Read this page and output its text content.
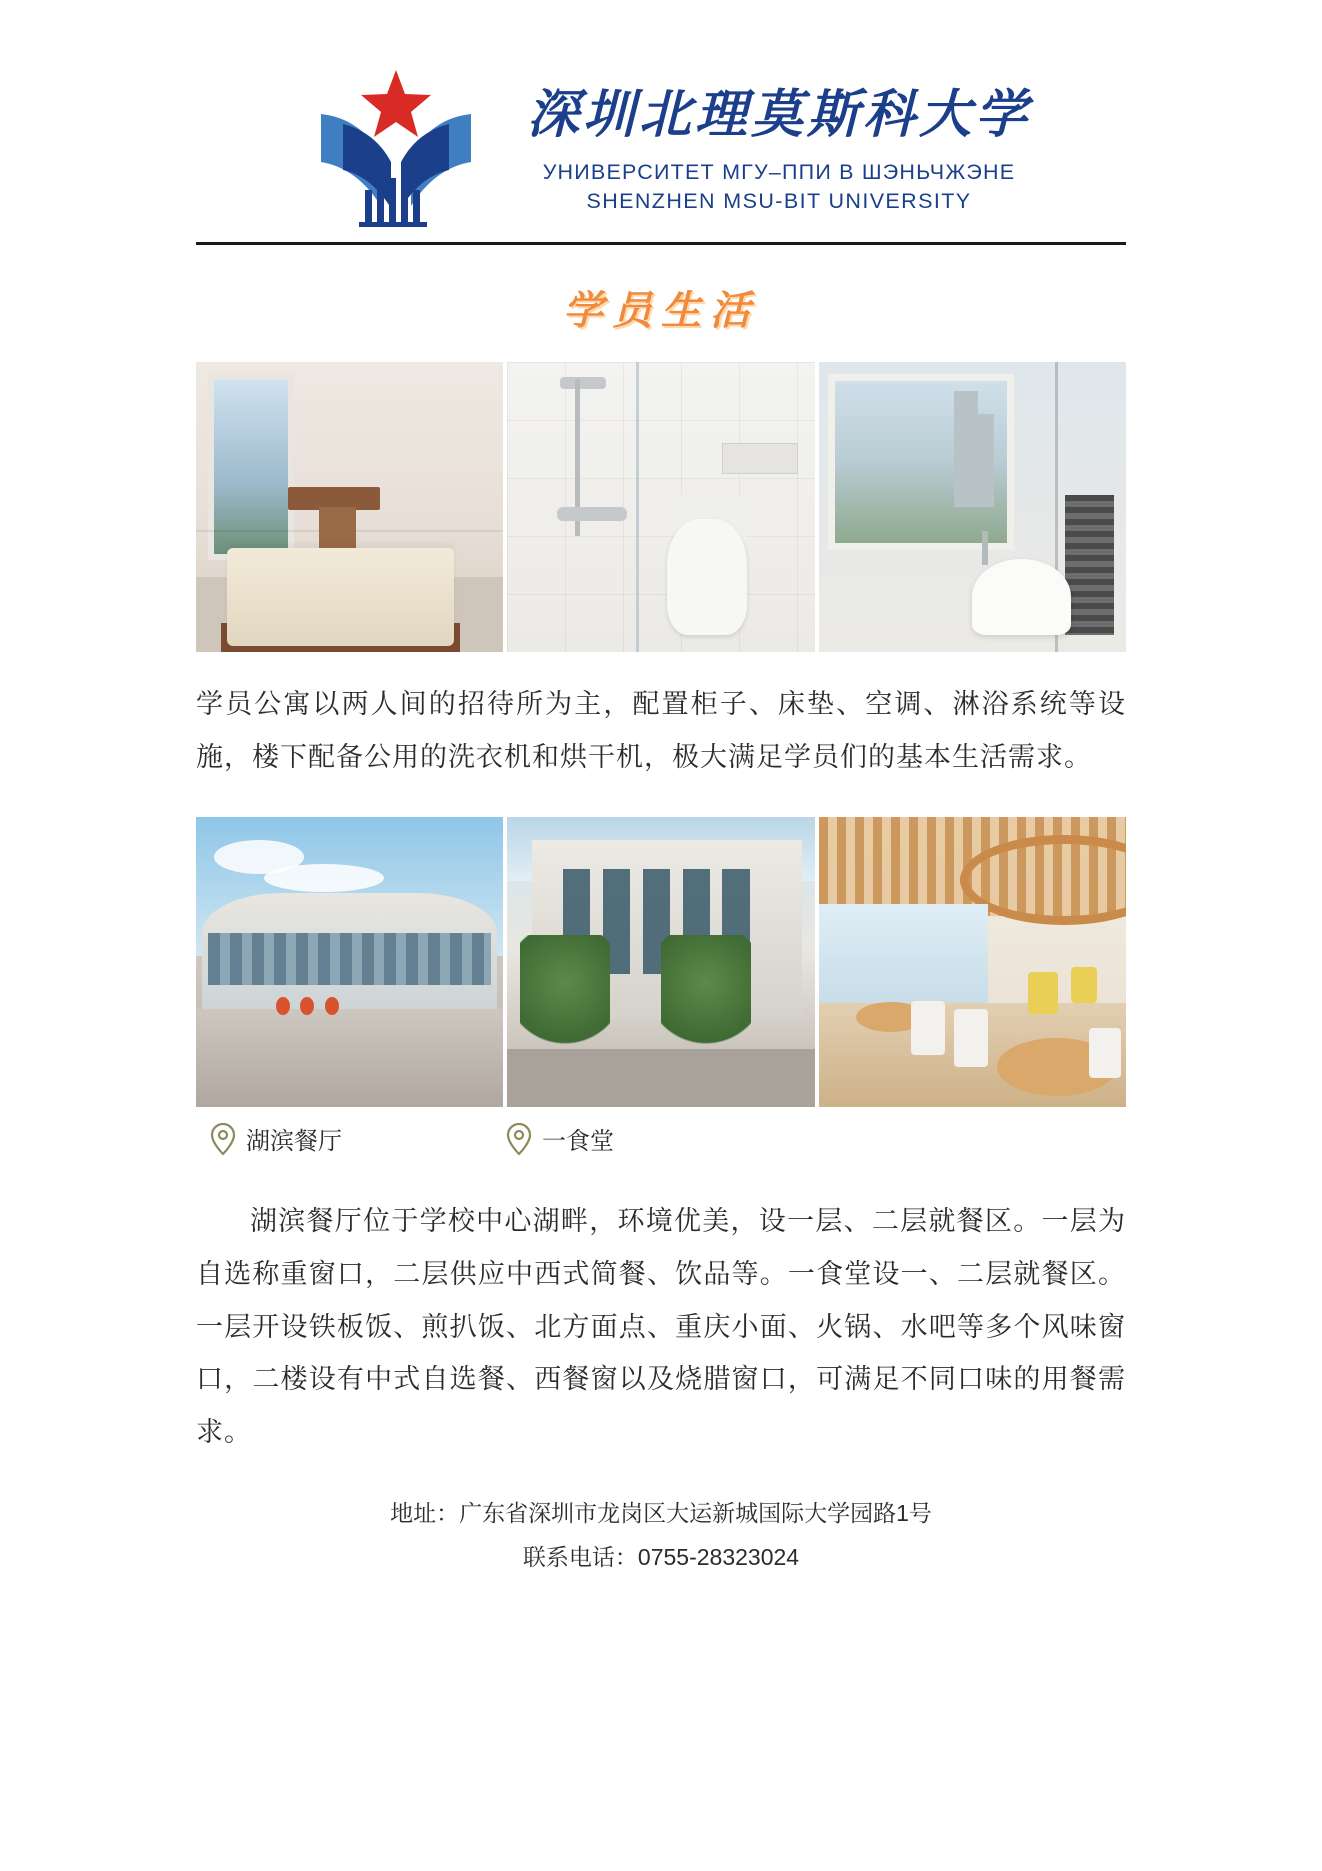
深圳北理莫斯科大学
УНИВЕРСИТЕТ МГУ–ППИ В ШЭНЬЧЖЭНЕ
SHENZHEN MSU-BIT UNIVERSITY
学员生活
学员公寓以两人间的招待所为主，配置柜子、床垫、空调、淋浴系统等设施，楼下配备公用的洗衣机和烘干机，极大满足学员们的基本生活需求。
湖滨餐厅	一食堂
湖滨餐厅位于学校中心湖畔，环境优美，设一层、二层就餐区。一层为自选称重窗口，二层供应中西式简餐、饮品等。一食堂设一、二层就餐区。一层开设铁板饭、煎扒饭、北方面点、重庆小面、火锅、水吧等多个风味窗口，二楼设有中式自选餐、西餐窗以及烧腊窗口，可满足不同口味的用餐需求。
地址：广东省深圳市龙岗区大运新城国际大学园路1号
联系电话：0755-28323024
